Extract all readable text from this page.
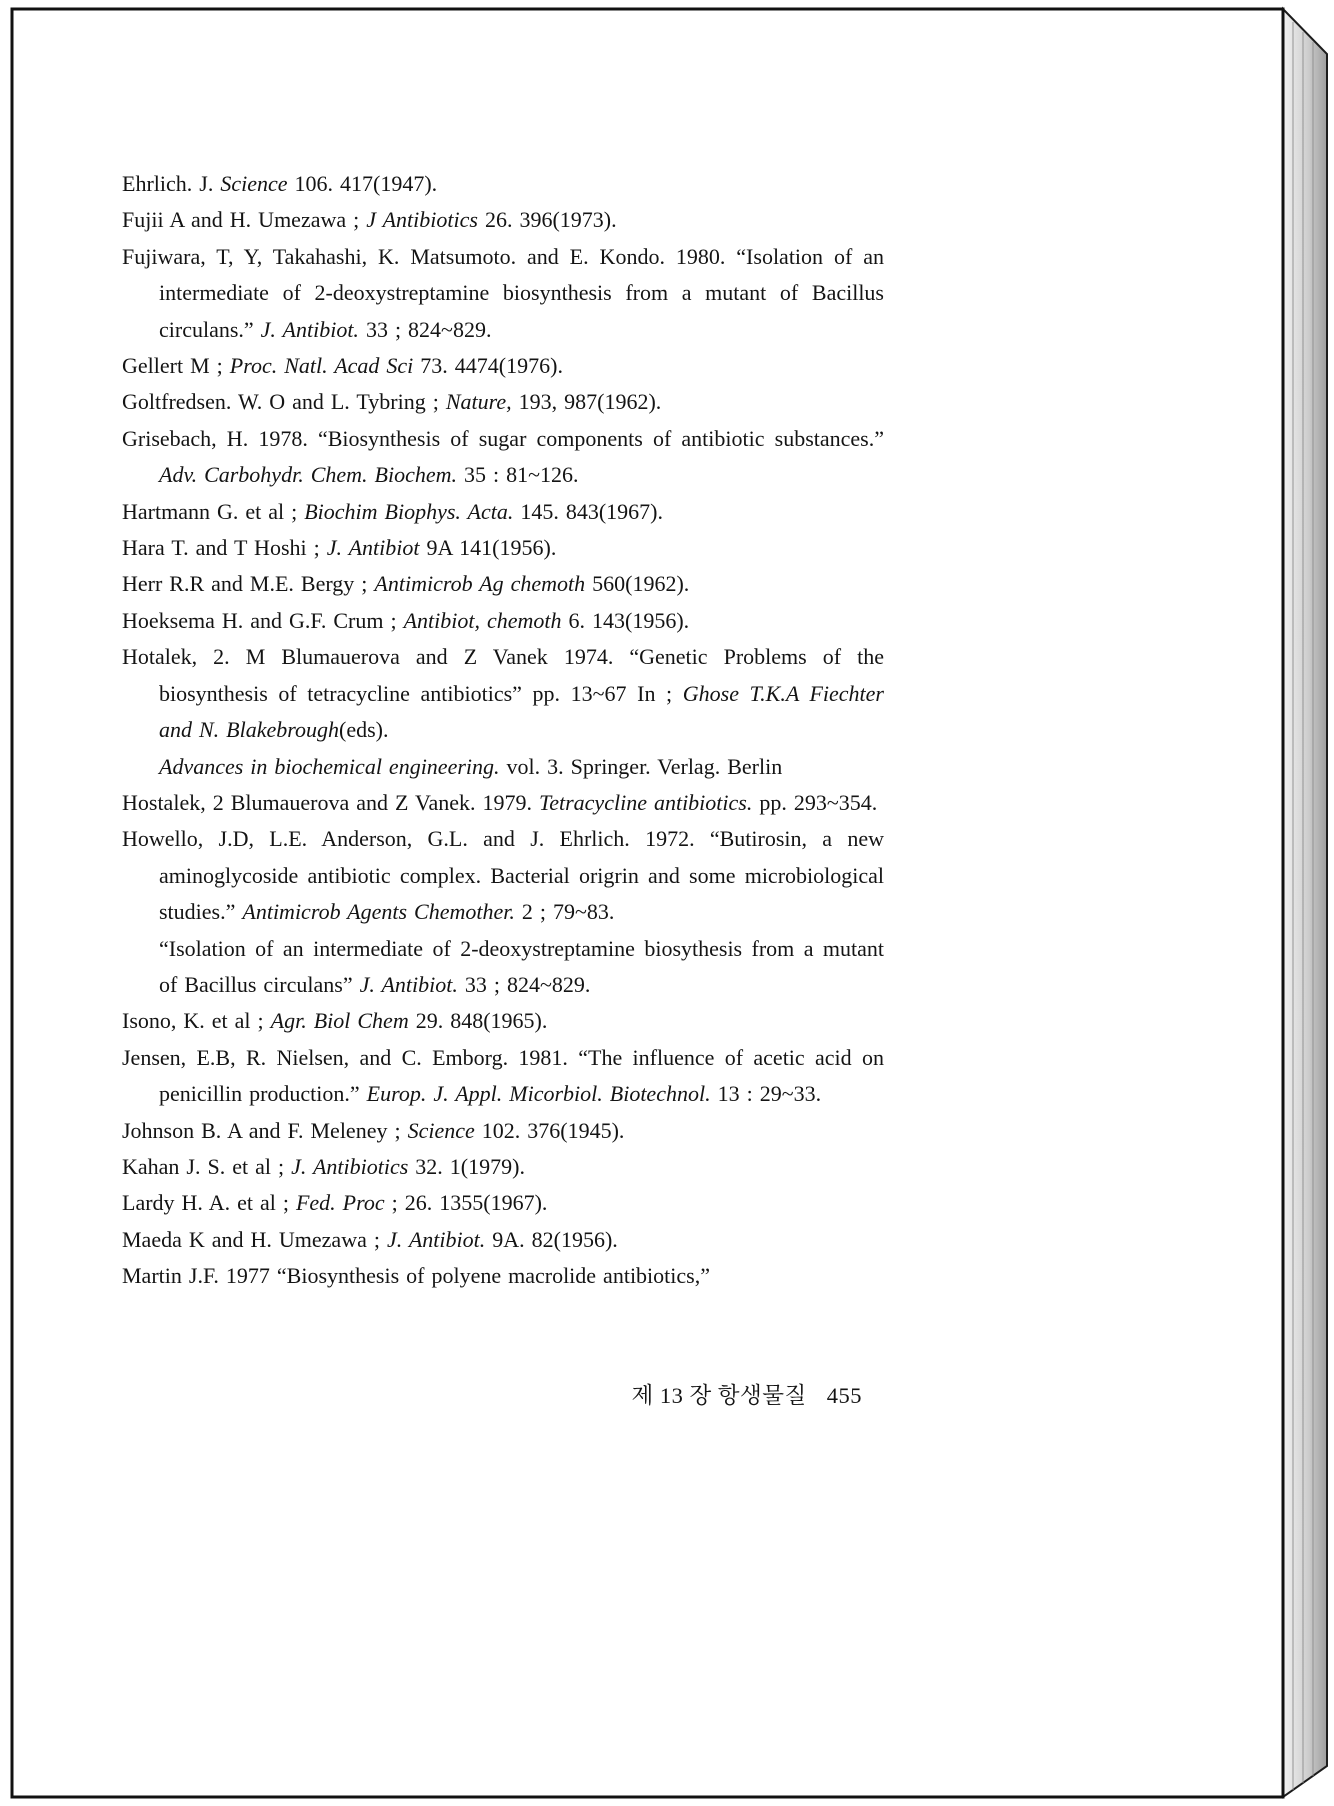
Ehrlich. J. Science 106. 417(1947).

Fujii A and H. Umezawa ; J Antibiotics 26. 396(1973).

Fujiwara, T, Y, Takahashi, K. Matsumoto. and E. Kondo. 1980. “Isolation of an intermediate of 2-deoxystreptamine biosynthesis from a mutant of Bacillus circulans.” J. Antibiot. 33 ; 824~829.

Gellert M ; Proc. Natl. Acad Sci 73. 4474(1976).

Goltfredsen. W. O and L. Tybring ; Nature, 193, 987(1962).

Grisebach, H. 1978. “Biosynthesis of sugar components of antibiotic substances.” Adv. Carbohydr. Chem. Biochem. 35 : 81~126.

Hartmann G. et al ; Biochim Biophys. Acta. 145. 843(1967).

Hara T. and T Hoshi ; J. Antibiot 9A 141(1956).

Herr R.R and M.E. Bergy ; Antimicrob Ag chemoth 560(1962).

Hoeksema H. and G.F. Crum ; Antibiot, chemoth 6. 143(1956).

Hotalek, 2. M Blumauerova and Z Vanek 1974. “Genetic Problems of the biosynthesis of tetracycline antibiotics” pp. 13~67 In ; Ghose T.K.A Fiechter and N. Blakebrough(eds).

Advances in biochemical engineering. vol. 3. Springer. Verlag. Berlin

Hostalek, 2 Blumauerova and Z Vanek. 1979. Tetracycline antibiotics. pp. 293~354.

Howello, J.D, L.E. Anderson, G.L. and J. Ehrlich. 1972. “Butirosin, a new aminoglycoside antibiotic complex. Bacterial origrin and some microbiological studies.” Antimicrob Agents Chemother. 2 ; 79~83.

“Isolation of an intermediate of 2-deoxystreptamine biosythesis from a mutant of Bacillus circulans” J. Antibiot. 33 ; 824~829.

Isono, K. et al ; Agr. Biol Chem 29. 848(1965).

Jensen, E.B, R. Nielsen, and C. Emborg. 1981. “The influence of acetic acid on penicillin production.” Europ. J. Appl. Micorbiol. Biotechnol. 13 : 29~33.

Johnson B. A and F. Meleney ; Science 102. 376(1945).

Kahan J. S. et al ; J. Antibiotics 32. 1(1979).

Lardy H. A. et al ; Fed. Proc ; 26. 1355(1967).

Maeda K and H. Umezawa ; J. Antibiot. 9A. 82(1956).

Martin J.F. 1977 “Biosynthesis of polyene macrolide antibiotics,”

제 13 장 항생물질 455
